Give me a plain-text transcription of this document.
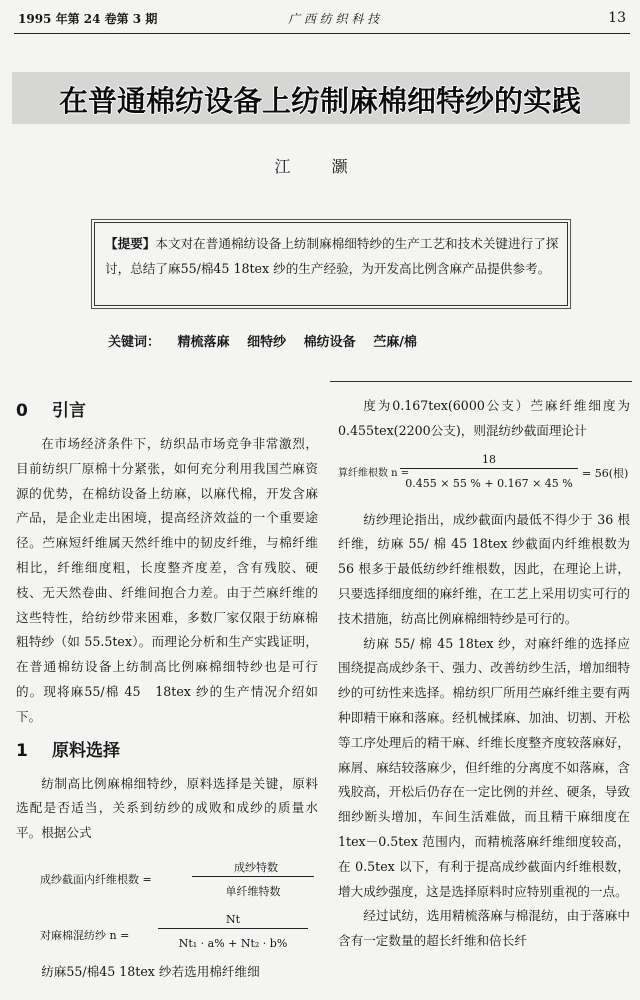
1995 年第 24 卷第 3 期	广 西 纺 织 科 技	13
在普通棉纺设备上纺制麻棉细特纱的实践
江 灏
【提要】本文对在普通棉纺设备上纺制麻棉细特纱的生产工艺和技术关键进行了探讨，总结了麻55/棉45 18tex 纱的生产经验，为开发高比例含麻产品提供参考。
关键词： 精梳落麻 细特纱 棉纺设备 苎麻/棉
0 引言
在市场经济条件下，纺织品市场竞争非常激烈，目前纺织厂原棉十分紧张，如何充分利用我国苎麻资源的优势，在棉纺设备上纺麻，以麻代棉，开发含麻产品，是企业走出困境，提高经济效益的一个重要途径。苎麻短纤维属天然纤维中的韧皮纤维，与棉纤维相比，纤维细度粗，长度整齐度差，含有残胶、硬枝、无天然卷曲、纤维间抱合力差。由于苎麻纤维的这些特性，给纺纱带来困难，多数厂家仅限于纺麻棉粗特纱（如 55.5tex）。而理论分析和生产实践证明，在普通棉纺设备上纺制高比例麻棉细特纱也是可行的。现将麻55/棉 45　18tex 纱的生产情况介绍如下。
1 原料选择
纺制高比例麻棉细特纱，原料选择是关键，原料选配是否适当，关系到纺纱的成败和成纱的质量水平。根据公式
成纱截面内纤维根数 =
成纱特数
单纤维特数
对麻棉混纺纱 n =
Nt
Nt₁ · a% + Nt₂ · b%
纺麻55/棉45 18tex 纱若选用棉纤维细
度为0.167tex(6000公支）苎麻纤维细度为0.455tex(2200公支)，则混纺纱截面理论计
算纤维根数 n =
18
0.455 × 55 % + 0.167 × 45 %
= 56(根)
纺纱理论指出，成纱截面内最低不得少于 36 根纤维，纺麻 55/ 棉 45 18tex 纱截面内纤维根数为 56 根多于最低纺纱纤维根数，因此，在理论上讲，只要选择细度细的麻纤维，在工艺上采用切实可行的技术措施，纺高比例麻棉细特纱是可行的。
纺麻 55/ 棉 45 18tex 纱，对麻纤维的选择应围绕提高成纱条干、强力、改善纺纱生活，增加细特纱的可纺性来选择。棉纺织厂所用苎麻纤维主要有两种即精干麻和落麻。经机械揉麻、加油、切割、开松等工序处理后的精干麻、纤维长度整齐度较落麻好，麻屑、麻结较落麻少，但纤维的分离度不如落麻，含残胶高，开松后仍存在一定比例的并丝、硬条，导致细纱断头增加，车间生活难做，而且精干麻细度在 1tex－0.5tex 范围内，而精梳落麻纤维细度较高，在 0.5tex 以下，有利于提高成纱截面内纤维根数，增大成纱强度，这是选择原料时应特别重视的一点。
经过试纺，选用精梳落麻与棉混纺，由于落麻中含有一定数量的超长纤维和倍长纤
